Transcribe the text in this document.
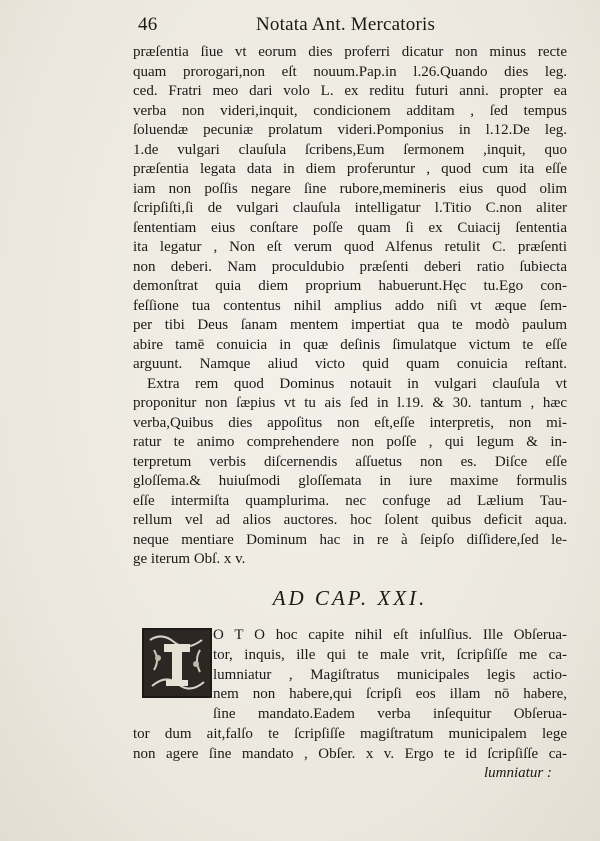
46	Notata Ant. Mercatoris
præſentia ſiue vt eorum dies proferri dicatur non minus recte
quam prorogari,non eſt nouum.Pap.in l.26.Quando dies leg.
ced. Fratri meo dari volo L. ex reditu futuri anni. propter ea
verba non videri,inquit, condicionem additam , ſed tempus
ſoluendæ pecuniæ prolatum videri.Pomponius in l.12.De leg.
1.de vulgari clauſula ſcribens,Eum ſermonem ,inquit, quo
præſentia legata data in diem proferuntur , quod cum ita eſſe
iam non poſſis negare ſine rubore,memineris eius quod olim
ſcripſiſti,ſi de vulgari clauſula intelligatur l.Titio C.non aliter
ſententiam eius conſtare poſſe quam ſi ex Cuiacij ſententia
ita legatur , Non eſt verum quod Alfenus retulit C. præſenti
non deberi. Nam proculdubio præſenti deberi ratio ſubiecta
demonſtrat quia diem proprium habuerunt.Hęc tu.Ego con-
feſſione tua contentus nihil amplius addo niſi vt æque ſem-
per tibi Deus ſanam mentem impertiat qua te modò paulum
abire tamē conuicia in quæ deſinis ſimulatque victum te eſſe
arguunt. Namque aliud victo quid quam conuicia reſtant.
Extra rem quod Dominus notauit in vulgari clauſula vt
proponitur non ſæpius vt tu ais ſed in l.19. & 30. tantum , hæc
verba,Quibus dies appoſitus non eſt,eſſe interpretis, non mi-
ratur te animo comprehendere non poſſe , qui legum & in-
terpretum verbis diſcernendis aſſuetus non es. Diſce eſſe
gloſſema.& huiuſmodi gloſſemata in iure maxime formulis
eſſe intermiſta quamplurima. nec confuge ad Lælium Tau-
rellum vel ad alios auctores. hoc ſolent quibus deficit aqua.
neque mentiare Dominum hac in re à ſeipſo diſſidere,ſed le-
ge iterum Obſ. x v.
AD CAP. XXI.
O T O hoc capite nihil eſt inſulſius. Ille Obſerua-
tor, inquis, ille qui te male vrit, ſcripſiſſe me ca-
lumniatur , Magiſtratus municipales legis actio-
nem non habere,qui ſcripſi eos illam nō habere,
ſine mandato.Eadem verba inſequitur Obſerua-
tor dum ait,falſo te ſcripſiſſe magiſtratum municipalem lege
non agere ſine mandato , Obſer. x v. Ergo te id ſcripſiſſe ca-
lumniatur :
